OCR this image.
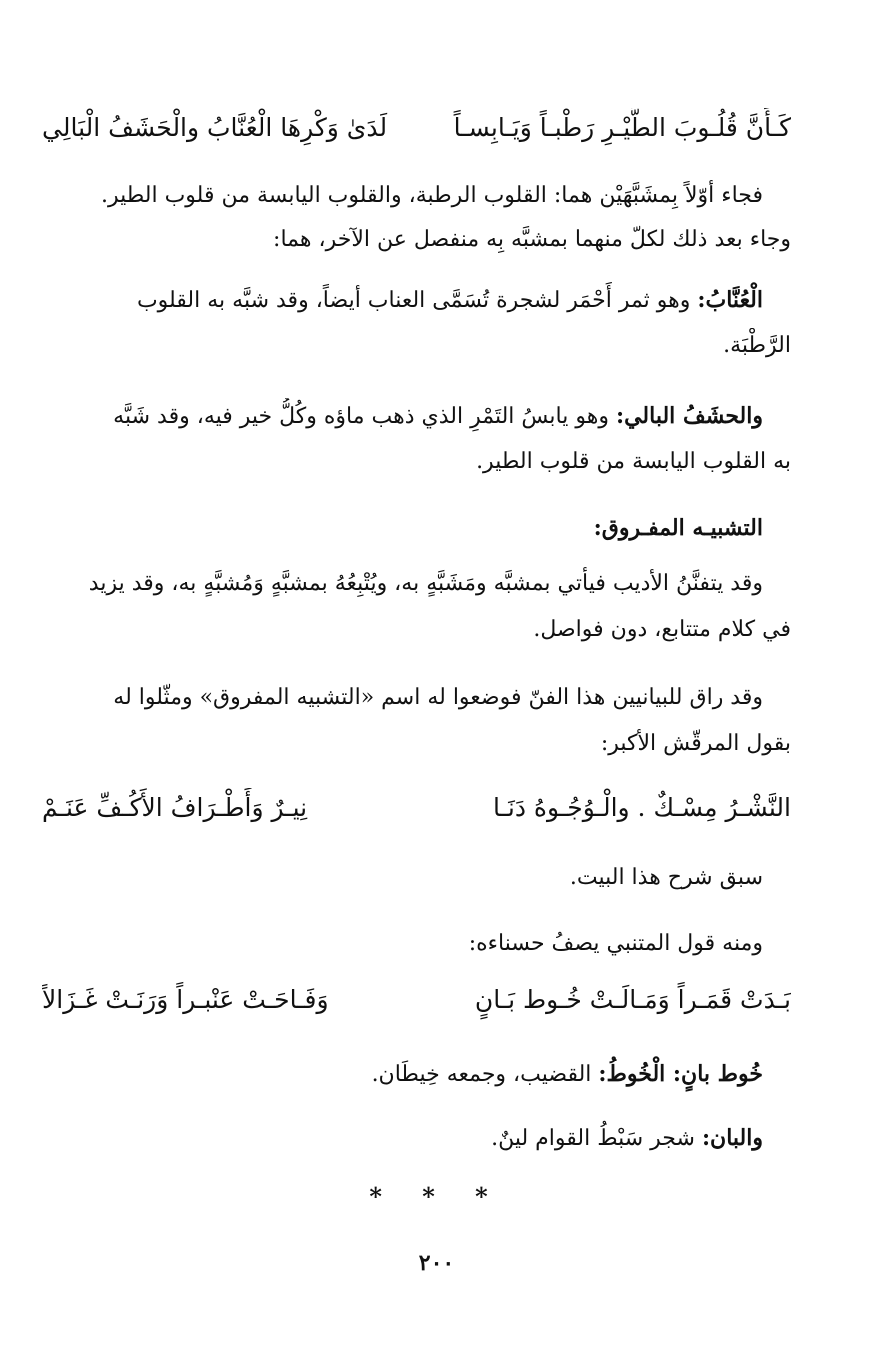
كَـأَنَّ قُلُـوبَ الطَّيْـرِ رَطْبـاً وَيَـابِسـاً
لَدَىٰ وَكْرِهَا الْعُنَّابُ والْحَشَفُ الْبَالِي
فجاء أوّلاً بِمشَبَّهَيْن هما: القلوب الرطبة، والقلوب اليابسة من قلوب الطير.
وجاء بعد ذلك لكلّ منهما بمشبَّه بِه منفصل عن الآخر، هما:
الْعُنَّابُ: وهو ثمر أَحْمَر لشجرة تُسَمَّى العناب أيضاً، وقد شبَّه به القلوب
الرَّطْبَة.
والحشَفُ البالي: وهو يابسُ التَمْرِ الذي ذهب ماؤه وكُلُّ خير فيه، وقد شَبَّه
به القلوب اليابسة من قلوب الطير.
التشبيـه المفـروق:
وقد يتفنَّنُ الأديب فيأتي بمشبَّه ومَشَبَّهٍ به، ويُتْبِعُهُ بمشبَّهٍ وَمُشبَّهٍ به، وقد يزيد
في كلام متتابع، دون فواصل.
وقد راق للبيانيين هذا الفنّ فوضعوا له اسم «التشبيه المفروق» ومثّلوا له
بقول المرقّش الأكبر:
النَّشْـرُ مِسْـكٌ . والْـوُجُـوهُ دَنَـا
نِيـرٌ وَأَطْـرَافُ الأَكُـفِّ عَنَـمْ
سبق شرح هذا البيت.
ومنه قول المتنبي يصفُ حسناءه:
بَـدَتْ قَمَـراً وَمَـالَـتْ خُـوط بَـانٍ
وَفَـاحَـتْ عَنْبـراً وَرَنَـتْ غَـزَالاً
خُوط بانٍ: الْخُوطُ: القضيب، وجمعه خِيطَان.
والبان: شجر سَبْطُ القوام لينٌ.
* * *
٢٠٠
